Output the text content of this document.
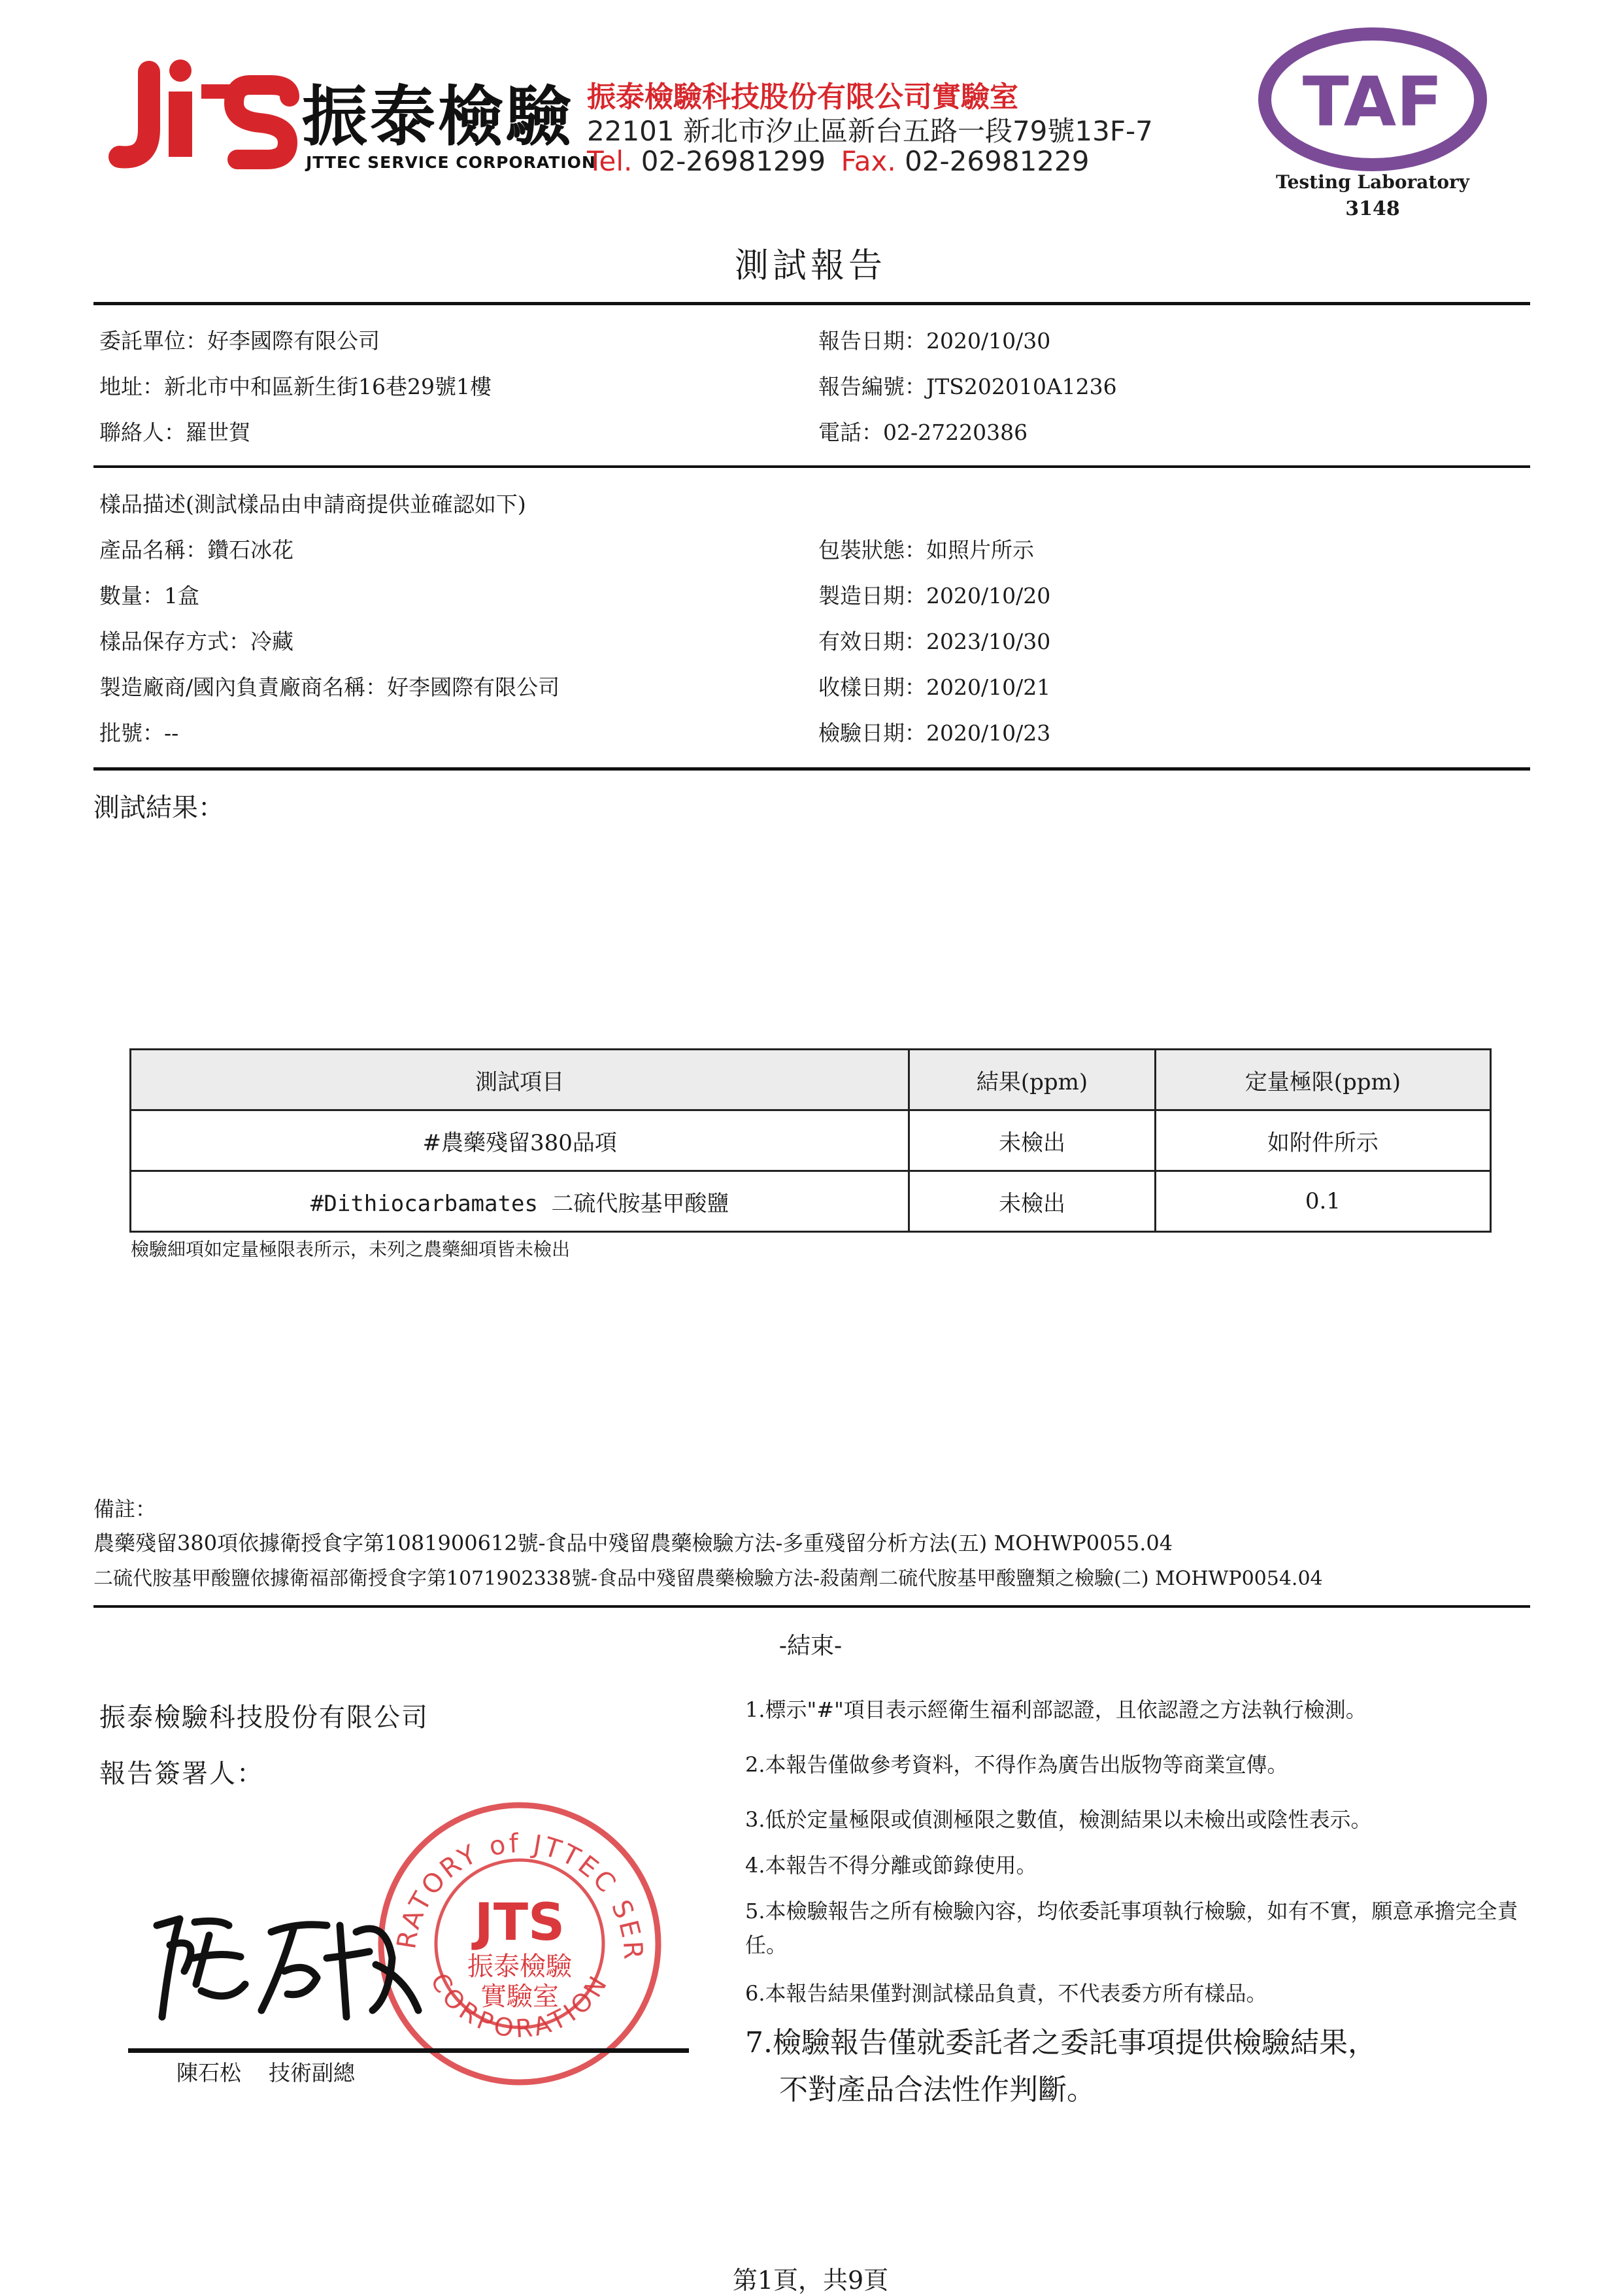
振泰檢驗
JTTEC SERVICE CORPORATION
振泰檢驗科技股份有限公司實驗室
22101 新北市汐止區新台五路一段79號13F-7
Tel. 02-26981299 Fax. 02-26981229
TAF
Testing Laboratory
3148
測試報告
委託單位：好李國際有限公司
地址：新北市中和區新生街16巷29號1樓
聯絡人：羅世賀
報告日期：2020/10/30
報告編號：JTS202010A1236
電話：02-27220386
樣品描述(測試樣品由申請商提供並確認如下)
產品名稱：鑽石冰花
數量：1盒
樣品保存方式：冷藏
製造廠商/國內負責廠商名稱：好李國際有限公司
批號：--
包裝狀態：如照片所示
製造日期：2020/10/20
有效日期：2023/10/30
收樣日期：2020/10/21
檢驗日期：2020/10/23
測試結果：
測試項目	結果(ppm)	定量極限(ppm)
#農藥殘留380品項	未檢出	如附件所示
#Dithiocarbamates 二硫代胺基甲酸鹽	未檢出	0.1
檢驗細項如定量極限表所示，未列之農藥細項皆未檢出
備註：
農藥殘留380項依據衛授食字第1081900612號-食品中殘留農藥檢驗方法-多重殘留分析方法(五) MOHWP0055.04
二硫代胺基甲酸鹽依據衛福部衛授食字第1071902338號-食品中殘留農藥檢驗方法-殺菌劑二硫代胺基甲酸鹽類之檢驗(二) MOHWP0054.04
-結束-
振泰檢驗科技股份有限公司
報告簽署人：
RATORY of JTTEC SER
CORPORATION
JTS
振泰檢驗
實驗室
陳石松    技術副總
1.標示"#"項目表示經衛生福利部認證，且依認證之方法執行檢測。
2.本報告僅做參考資料，不得作為廣告出版物等商業宣傳。
3.低於定量極限或偵測極限之數值，檢測結果以未檢出或陰性表示。
4.本報告不得分離或節錄使用。
5.本檢驗報告之所有檢驗內容，均依委託事項執行檢驗，如有不實，願意承擔完全責任。
6.本報告結果僅對測試樣品負責，不代表委方所有樣品。
7.檢驗報告僅就委託者之委託事項提供檢驗結果，
不對產品合法性作判斷。
第1頁，共9頁
